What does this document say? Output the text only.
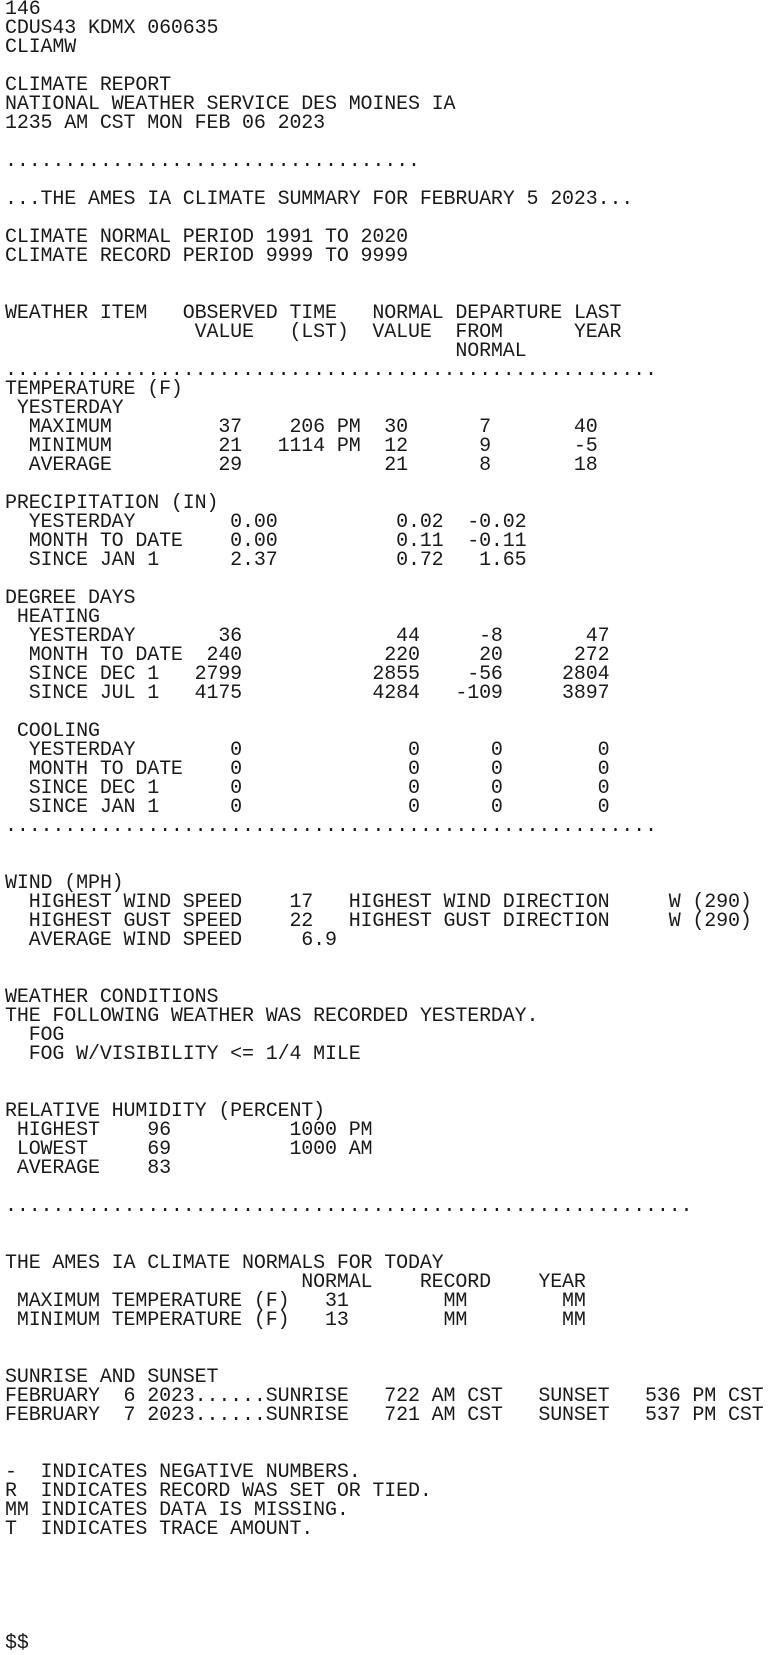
146
CDUS43 KDMX 060635
CLIAMW
CLIMATE REPORT
NATIONAL WEATHER SERVICE DES MOINES IA
1235 AM CST MON FEB 06 2023
...................................
...THE AMES IA CLIMATE SUMMARY FOR FEBRUARY 5 2023...
CLIMATE NORMAL PERIOD 1991 TO 2020
CLIMATE RECORD PERIOD 9999 TO 9999
WEATHER ITEM   OBSERVED TIME   NORMAL DEPARTURE LAST
VALUE   (LST)  VALUE  FROM      YEAR
NORMAL
.......................................................
TEMPERATURE (F)
YESTERDAY
MAXIMUM         37    206 PM  30      7       40
MINIMUM         21   1114 PM  12      9       -5
AVERAGE         29            21      8       18
PRECIPITATION (IN)
YESTERDAY        0.00          0.02  -0.02
MONTH TO DATE    0.00          0.11  -0.11
SINCE JAN 1      2.37          0.72   1.65
DEGREE DAYS
HEATING
YESTERDAY       36             44     -8       47
MONTH TO DATE  240            220     20      272
SINCE DEC 1   2799           2855    -56     2804
SINCE JUL 1   4175           4284   -109     3897
COOLING
YESTERDAY        0              0      0        0
MONTH TO DATE    0              0      0        0
SINCE DEC 1      0              0      0        0
SINCE JAN 1      0              0      0        0
.......................................................
WIND (MPH)
HIGHEST WIND SPEED    17   HIGHEST WIND DIRECTION     W (290)
HIGHEST GUST SPEED    22   HIGHEST GUST DIRECTION     W (290)
AVERAGE WIND SPEED     6.9
WEATHER CONDITIONS
THE FOLLOWING WEATHER WAS RECORDED YESTERDAY.
FOG
FOG W/VISIBILITY <= 1/4 MILE
RELATIVE HUMIDITY (PERCENT)
HIGHEST    96          1000 PM
LOWEST     69          1000 AM
AVERAGE    83
..........................................................
THE AMES IA CLIMATE NORMALS FOR TODAY
NORMAL    RECORD    YEAR
MAXIMUM TEMPERATURE (F)   31        MM        MM
MINIMUM TEMPERATURE (F)   13        MM        MM
SUNRISE AND SUNSET
FEBRUARY  6 2023......SUNRISE   722 AM CST   SUNSET   536 PM CST
FEBRUARY  7 2023......SUNRISE   721 AM CST   SUNSET   537 PM CST
-  INDICATES NEGATIVE NUMBERS.
R  INDICATES RECORD WAS SET OR TIED.
MM INDICATES DATA IS MISSING.
T  INDICATES TRACE AMOUNT.
$$
